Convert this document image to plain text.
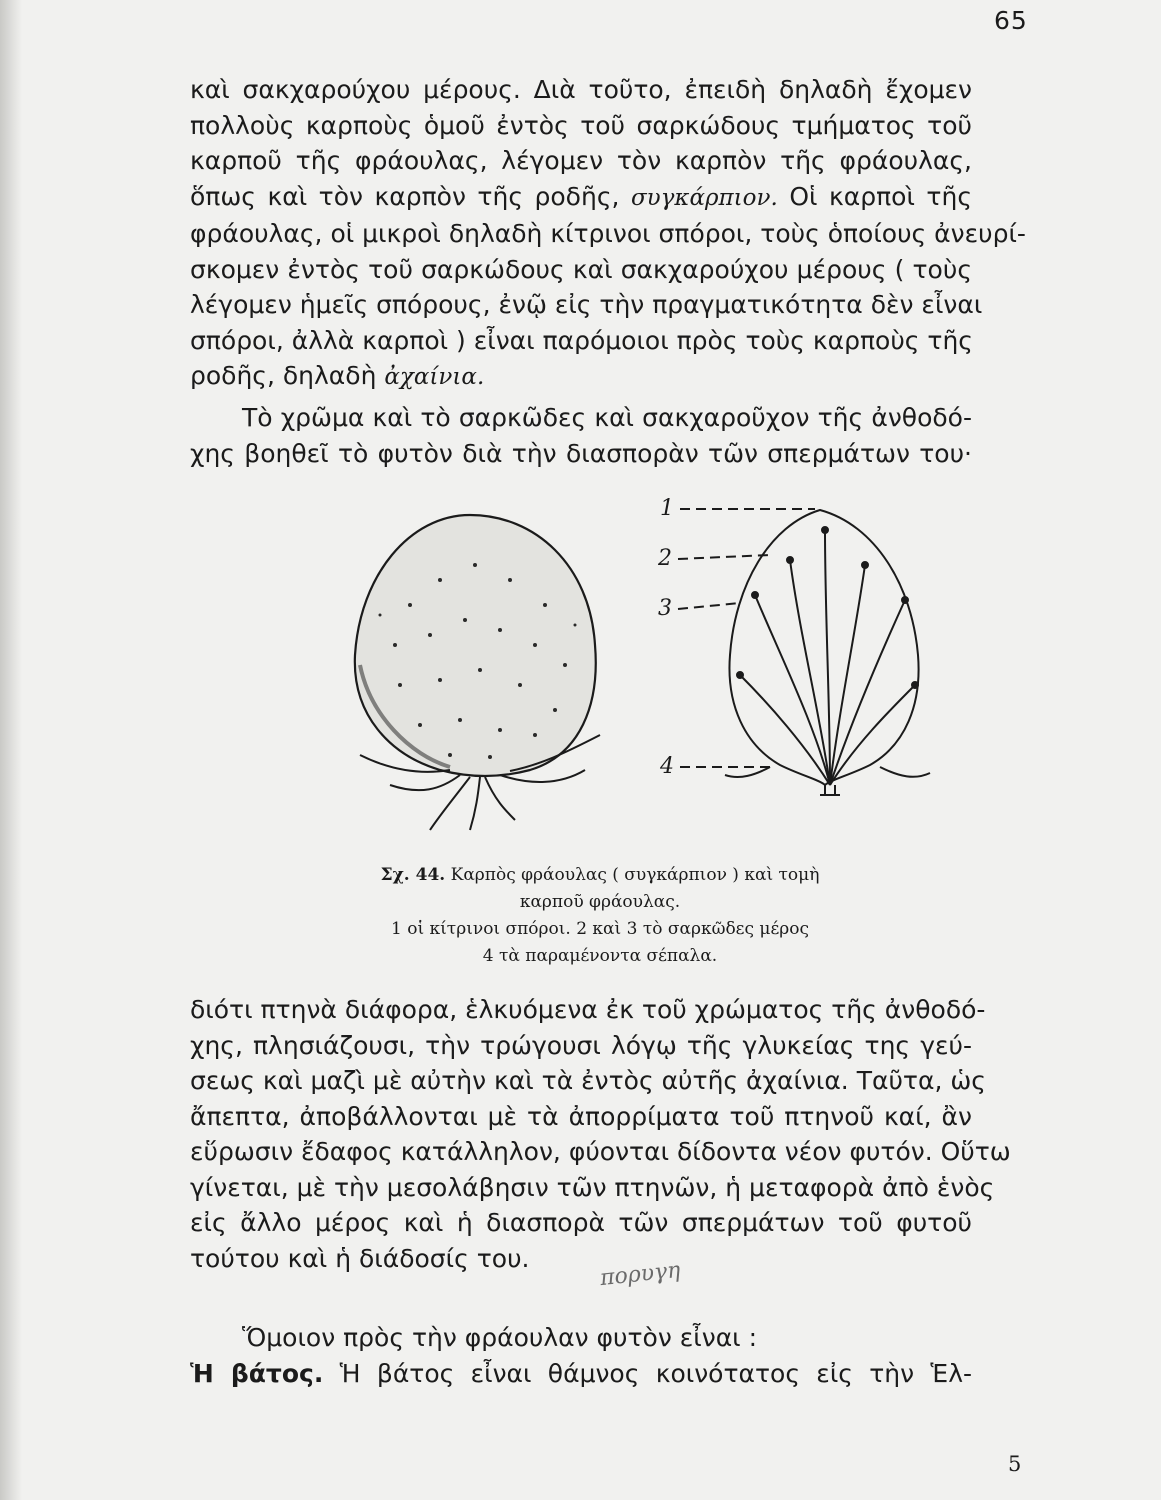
65
καὶ σακχαρούχου μέρους. Διὰ τοῦτο, ἐπειδὴ δηλαδὴ ἔχομεν
πολλοὺς καρποὺς ὁμοῦ ἐντὸς τοῦ σαρκώδους τμήματος τοῦ
καρποῦ τῆς φράουλας, λέγομεν τὸν καρπὸν τῆς φράουλας,
ὅπως καὶ τὸν καρπὸν τῆς ροδῆς, συγκάρπιον. Οἱ καρποὶ τῆς
φράουλας, οἱ μικροὶ δηλαδὴ κίτρινοι σπόροι, τοὺς ὁποίους ἀνευρί-
σκομεν ἐντὸς τοῦ σαρκώδους καὶ σακχαρούχου μέρους ( τοὺς
λέγομεν ἡμεῖς σπόρους, ἐνῷ εἰς τὴν πραγματικότητα δὲν εἶναι
σπόροι, ἀλλὰ καρποὶ ) εἶναι παρόμοιοι πρὸς τοὺς καρποὺς τῆς
ροδῆς, δηλαδὴ ἀχαίνια.
Τὸ χρῶμα καὶ τὸ σαρκῶδες καὶ σακχαροῦχον τῆς ἀνθοδό-
χης βοηθεῖ τὸ φυτὸν διὰ τὴν διασπορὰν τῶν σπερμάτων του·
1
2
3
4
Σχ. 44. Καρπὸς φράουλας ( συγκάρπιον ) καὶ τομὴ
καρποῦ φράουλας.
1 οἱ κίτρινοι σπόροι. 2 καὶ 3 τὸ σαρκῶδες μέρος
4 τὰ παραμένοντα σέπαλα.
διότι πτηνὰ διάφορα, ἑλκυόμενα ἐκ τοῦ χρώματος τῆς ἀνθοδό-
χης, πλησιάζουσι, τὴν τρώγουσι λόγῳ τῆς γλυκείας της γεύ-
σεως καὶ μαζὶ μὲ αὐτὴν καὶ τὰ ἐντὸς αὐτῆς ἀχαίνια. Ταῦτα, ὡς
ἄπεπτα, ἀποβάλλονται μὲ τὰ ἀπορρίματα τοῦ πτηνοῦ καί, ἂν
εὕρωσιν ἔδαφος κατάλληλον, φύονται δίδοντα νέον φυτόν. Οὕτω
γίνεται, μὲ τὴν μεσολάβησιν τῶν πτηνῶν, ἡ μεταφορὰ ἀπὸ ἑνὸς
εἰς ἄλλο μέρος καὶ ἡ διασπορὰ τῶν σπερμάτων τοῦ φυτοῦ
τούτου καὶ ἡ διάδοσίς του.	πορυγη
Ὅμοιον πρὸς τὴν φράουλαν φυτὸν εἶναι :
Ἡ βάτος. Ἡ βάτος εἶναι θάμνος κοινότατος εἰς τὴν Ἑλ-
5
